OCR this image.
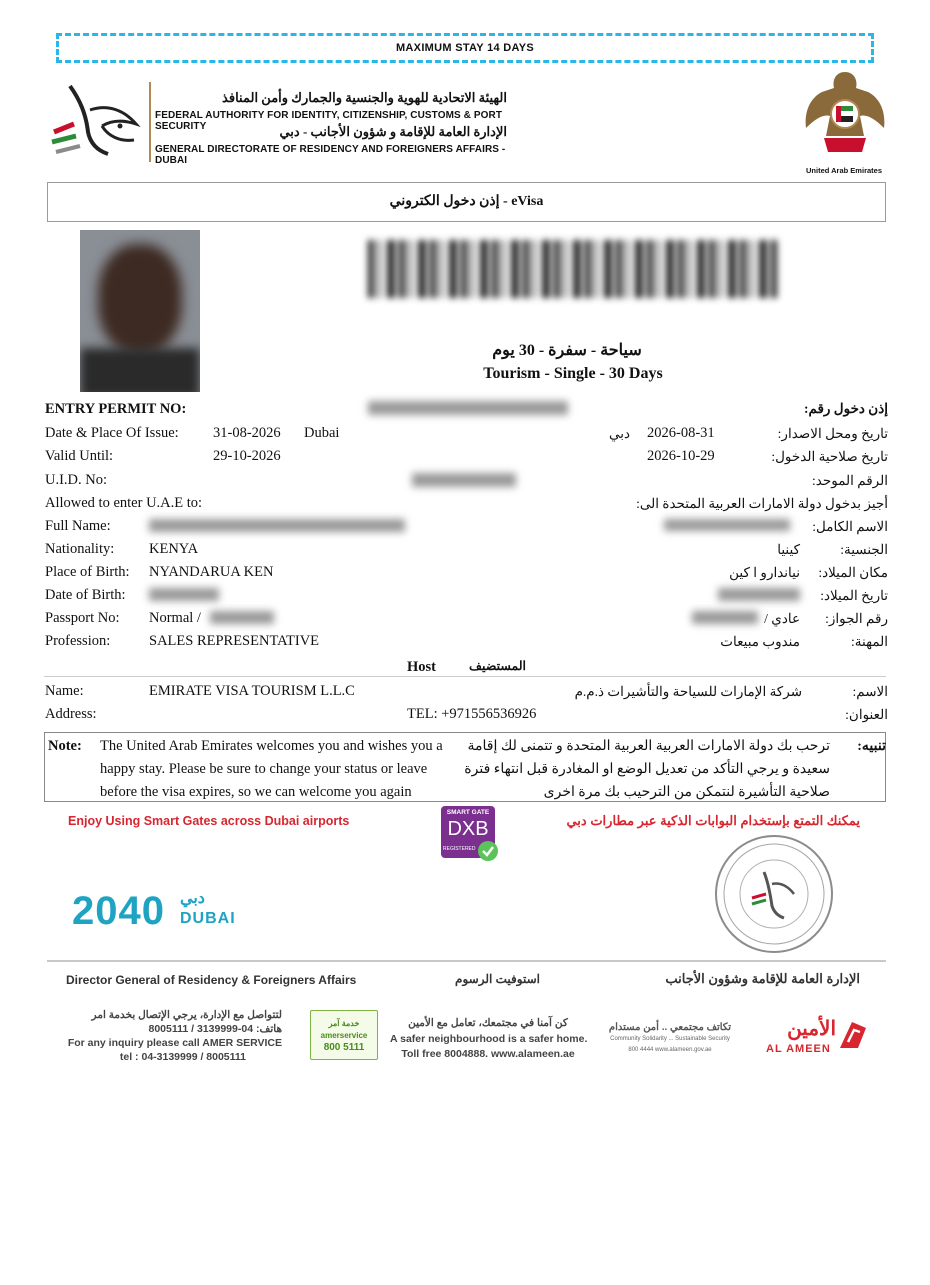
MAXIMUM STAY 14 DAYS
الهيئة الاتحادية للهوية والجنسية والجمارك وأمن المنافذ
FEDERAL AUTHORITY FOR IDENTITY, CITIZENSHIP, CUSTOMS & PORT SECURITY	الإدارة العامة للإقامة و شؤون الأجانب - دبي
GENERAL DIRECTORATE OF RESIDENCY AND FOREIGNERS AFFAIRS - DUBAI
United Arab Emirates
إذن دخول الكتروني - eVisa
سياحة - سفرة - 30 يوم
Tourism - Single - 30 Days
ENTRY PERMIT NO:	إذن دخول رقم:
Date & Place Of Issue: 31-08-2026 Dubai	دبي 2026-08-31	تاريخ ومحل الاصدار:
Valid Until:	29-10-2026	2026-10-29	تاريخ صلاحية الدخول:
U.I.D. No:	الرقم الموحد:
Allowed to enter U.A.E to:	أجيز بدخول دولة الامارات العربية المتحدة الى:
Full Name:	الاسم الكامل:
Nationality: KENYA	كينيا	الجنسية:
Place of Birth: NYANDARUA KEN	نياندارو ا كين	مكان الميلاد:
Date of Birth:	تاريخ الميلاد:
Passport No: Normal /	عادي /	رقم الجواز:
Profession:	SALES REPRESENTATIVE	مندوب مبيعات	المهنة:
Host	المستضيف
Name:	EMIRATE VISA TOURISM L.L.C	شركة الإمارات للسياحة والتأشيرات ذ.م.م	الاسم:
Address:	TEL: +971556536926	العنوان:
Note: The United Arab Emirates welcomes you and wishes you a
happy stay. Please be sure to change your status or leave
before the visa expires, so we can welcome you again
تنبيه:
ترحب بك دولة الامارات العربية العربية المتحدة و تتمنى لك إقامة
سعيدة و يرجي التأكد من تعديل الوضع او المغادرة قبل انتهاء فترة
صلاحية التأشيرة لنتمكن من الترحيب بك مرة اخرى
Enjoy Using Smart Gates across Dubai airports	يمكنك التمتع بإستخدام البوابات الذكية عبر مطارات دبي
SMART GATE
DXB
REGISTERED
2040 دبي
DUBAI
Director General of Residency & Foreigners Affairs	استوفيت الرسوم	الإدارة العامة للإقامة وشؤون الأجانب
لتتواصل مع الإدارة، يرجي الإتصال بخدمة امر
هاتف: 04-3139999 / 8005111
For any inquiry please call AMER SERVICE
tel : 04-3139999 / 8005111
خدمة آمر
amerservice
800 5111
كن آمنا في مجتمعك، تعامل مع الأمين
A safer neighbourhood is a safer home.
Toll free 8004888. www.alameen.ae
تكاتف مجتمعي .. أمن مستدام
Community Solidarity ... Sustainable Security
800 4444 www.alameen.gov.ae
الأمين
AL AMEEN
